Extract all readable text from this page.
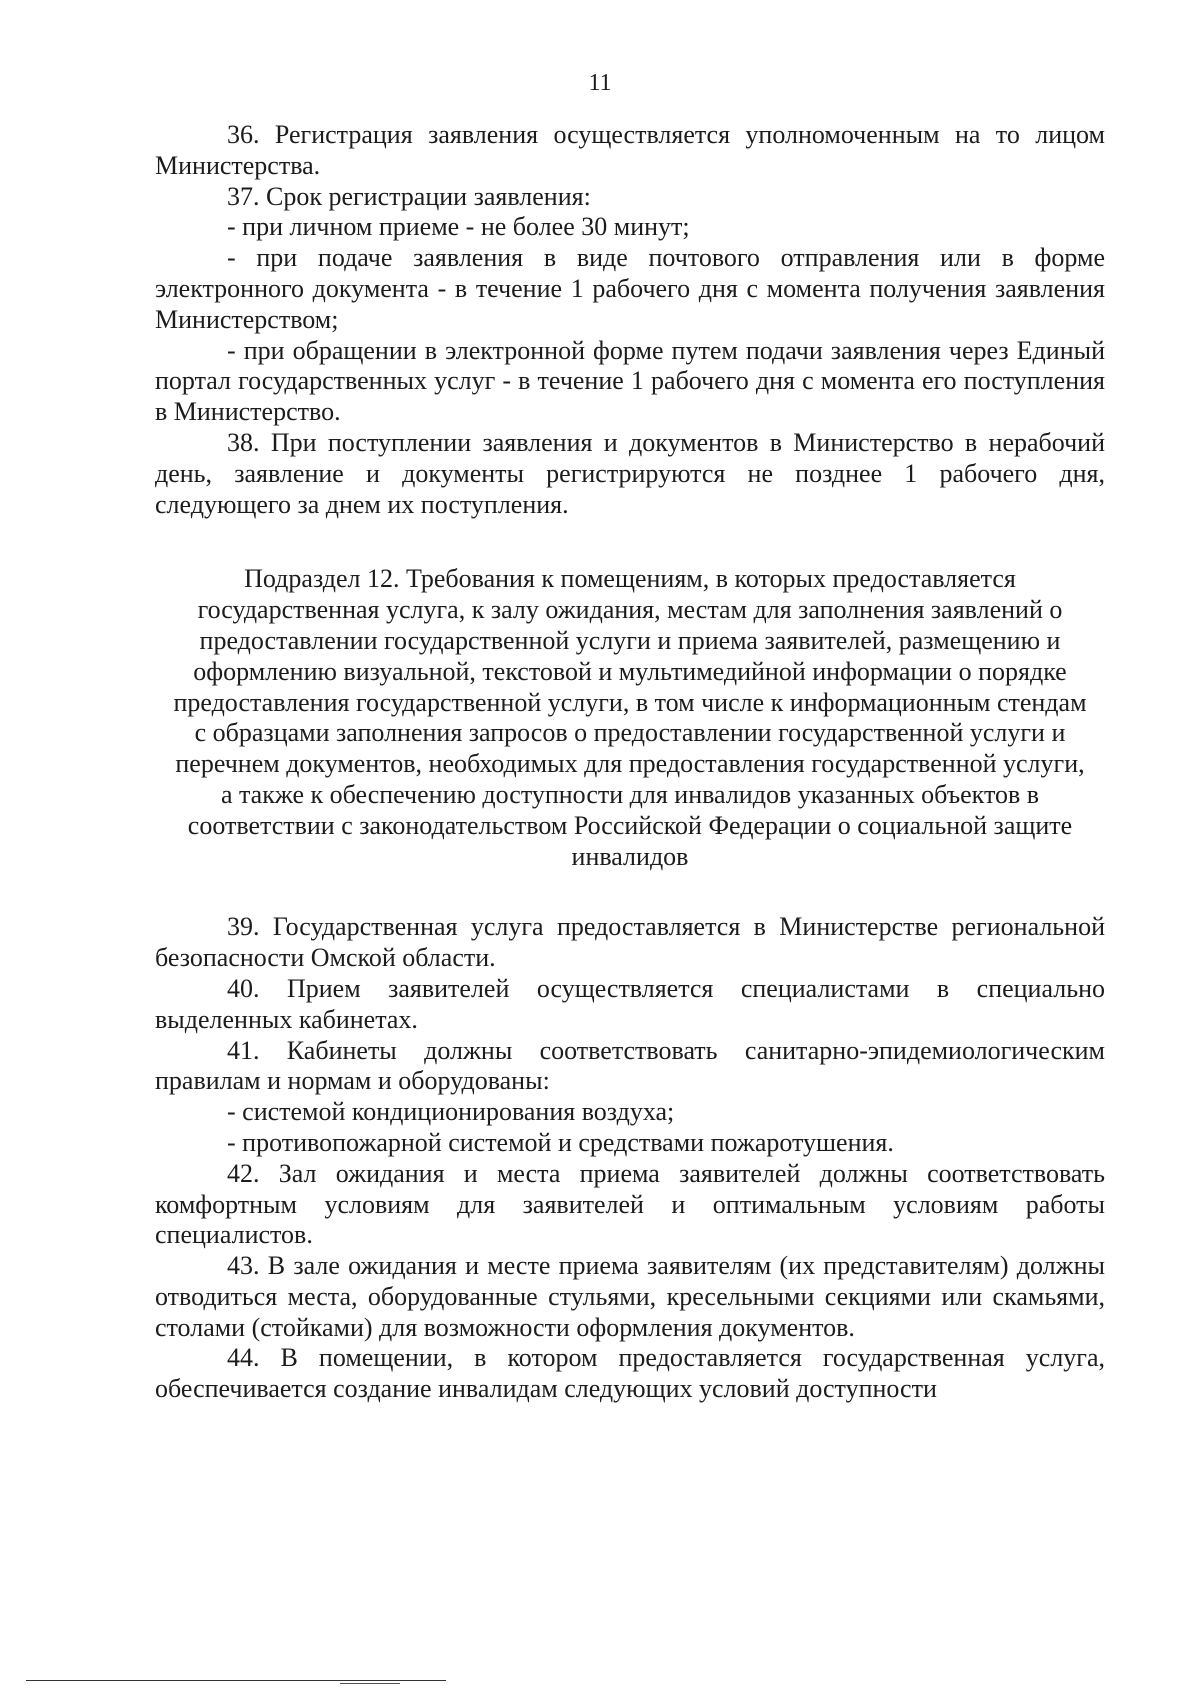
11

36. Регистрация заявления осуществляется уполномоченным на то лицом Министерства.

37. Срок регистрации заявления:

- при личном приеме - не более 30 минут;

- при подаче заявления в виде почтового отправления или в форме электронного документа - в течение 1 рабочего дня с момента получения заявления Министерством;

- при обращении в электронной форме путем подачи заявления через Единый портал государственных услуг - в течение 1 рабочего дня с момента его поступления в Министерство.

38. При поступлении заявления и документов в Министерство в нерабочий день, заявление и документы регистрируются не позднее 1 рабочего дня, следующего за днем их поступления.

Подраздел 12. Требования к помещениям, в которых предоставляется государственная услуга, к залу ожидания, местам для заполнения заявлений о предоставлении государственной услуги и приема заявителей, размещению и оформлению визуальной, текстовой и мультимедийной информации о порядке предоставления государственной услуги, в том числе к информационным стендам с образцами заполнения запросов о предоставлении государственной услуги и перечнем документов, необходимых для предоставления государственной услуги, а также к обеспечению доступности для инвалидов указанных объектов в соответствии с законодательством Российской Федерации о социальной защите инвалидов

39. Государственная услуга предоставляется в Министерстве региональной безопасности Омской области.

40. Прием заявителей осуществляется специалистами в специально выделенных кабинетах.

41. Кабинеты должны соответствовать санитарно-эпидемиологическим правилам и нормам и оборудованы:

- системой кондиционирования воздуха;

- противопожарной системой и средствами пожаротушения.

42. Зал ожидания и места приема заявителей должны соответствовать комфортным условиям для заявителей и оптимальным условиям работы специалистов.

43. В зале ожидания и месте приема заявителям (их представителям) должны отводиться места, оборудованные стульями, кресельными секциями или скамьями, столами (стойками) для возможности оформления документов.

44. В помещении, в котором предоставляется государственная услуга, обеспечивается создание инвалидам следующих условий доступности
